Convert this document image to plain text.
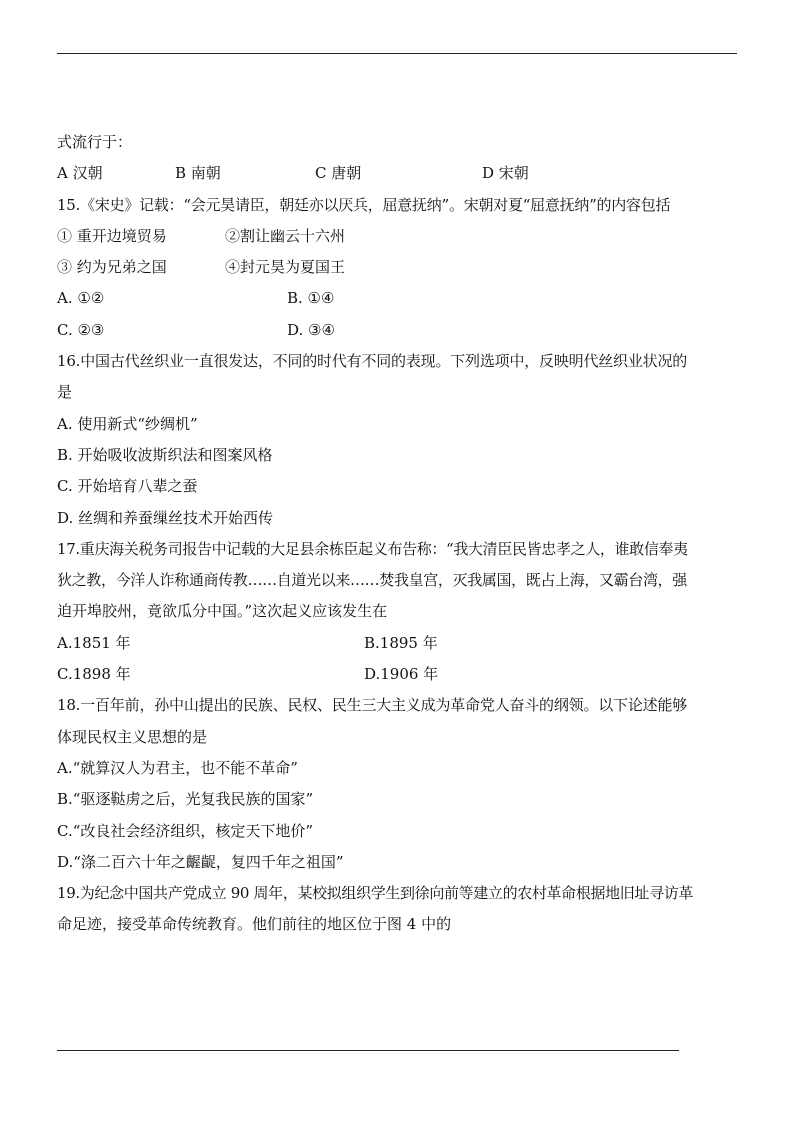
式流行于：
A 汉朝	B 南朝	C 唐朝	D 宋朝
15.《宋史》记载：“会元昊请臣，朝廷亦以厌兵，屈意抚纳”。宋朝对夏“屈意抚纳”的内容包括
① 重开边境贸易	②割让幽云十六州
③ 约为兄弟之国	④封元昊为夏国王
A. ①②	B. ①④
C. ②③	D. ③④
16.中国古代丝织业一直很发达，不同的时代有不同的表现。下列选项中，反映明代丝织业状况的
是
A. 使用新式“纱绸机”
B. 开始吸收波斯织法和图案风格
C. 开始培育八辈之蚕
D. 丝绸和养蚕缫丝技术开始西传
17.重庆海关税务司报告中记载的大足县余栋臣起义布告称：“我大清臣民皆忠孝之人，谁敢信奉夷
狄之教，今洋人诈称通商传教……自道光以来……焚我皇宫，灭我属国，既占上海，又霸台湾，强
迫开埠胶州，竟欲瓜分中国。”这次起义应该发生在
A.1851 年	B.1895 年
C.1898 年	D.1906 年
18.一百年前，孙中山提出的民族、民权、民生三大主义成为革命党人奋斗的纲领。以下论述能够
体现民权主义思想的是
A.“就算汉人为君主，也不能不革命”
B.“驱逐鞑虏之后，光复我民族的国家”
C.“改良社会经济组织，核定天下地价”
D.“涤二百六十年之齷齪，复四千年之祖国”
19.为纪念中国共产党成立 90 周年，某校拟组织学生到徐向前等建立的农村革命根据地旧址寻访革
命足迹，接受革命传统教育。他们前往的地区位于图 4 中的
